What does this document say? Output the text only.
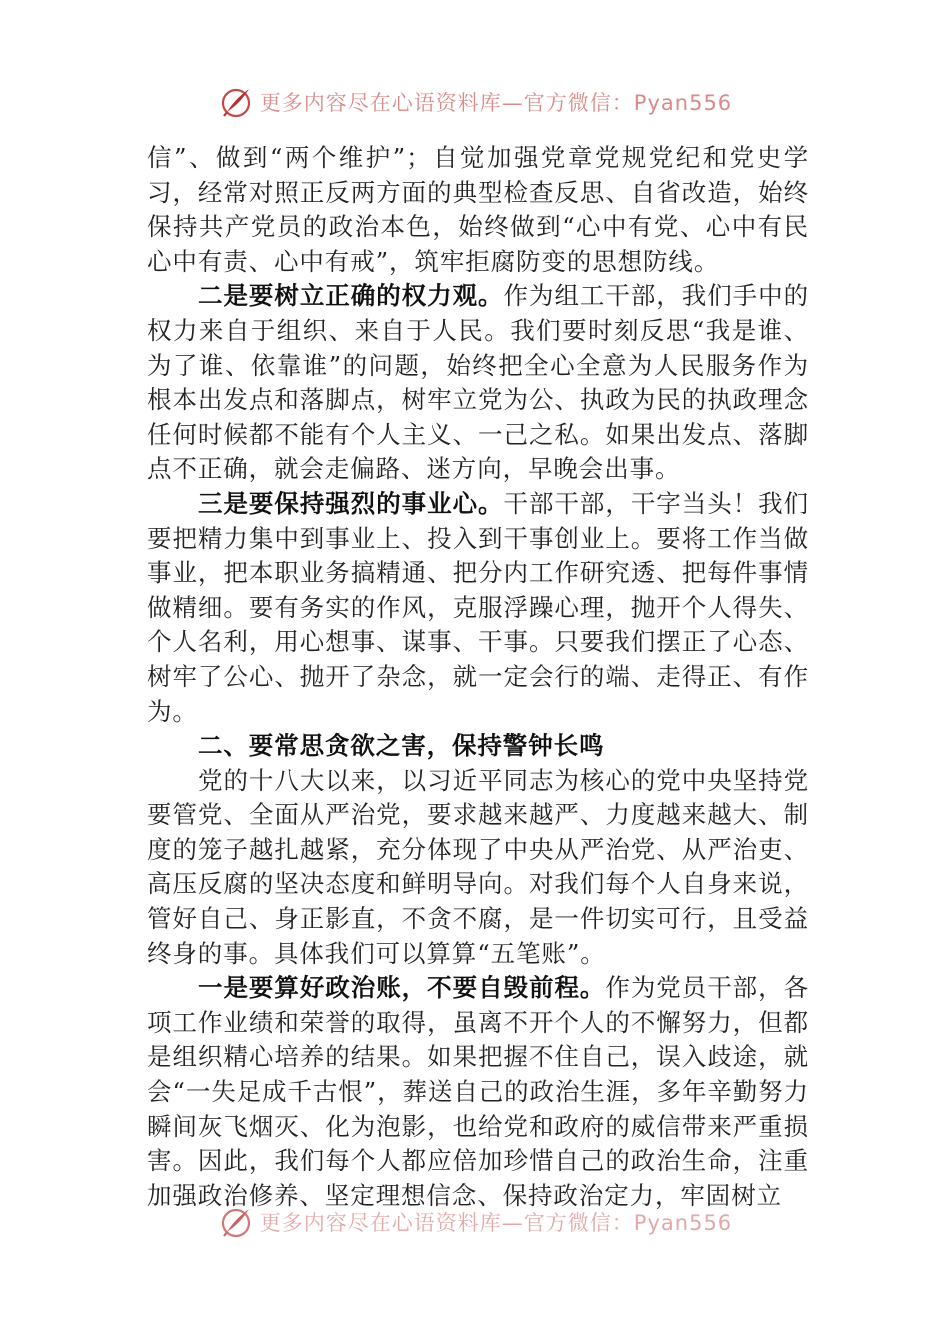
更多内容尽在心语资料库—官方微信：Pyan556

信”、做到“两个维护”；自觉加强党章党规党纪和党史学习，经常对照正反两方面的典型检查反思、自省改造，始终保持共产党员的政治本色，始终做到“心中有党、心中有民心中有责、心中有戒”，筑牢拒腐防变的思想防线。

二是要树立正确的权力观。作为组工干部，我们手中的权力来自于组织、来自于人民。我们要时刻反思“我是谁、为了谁、依靠谁”的问题，始终把全心全意为人民服务作为根本出发点和落脚点，树牢立党为公、执政为民的执政理念任何时候都不能有个人主义、一己之私。如果出发点、落脚点不正确，就会走偏路、迷方向，早晚会出事。

三是要保持强烈的事业心。干部干部，干字当头！我们要把精力集中到事业上、投入到干事创业上。要将工作当做事业，把本职业务搞精通、把分内工作研究透、把每件事情做精细。要有务实的作风，克服浮躁心理，抛开个人得失、个人名利，用心想事、谋事、干事。只要我们摆正了心态、树牢了公心、抛开了杂念，就一定会行的端、走得正、有作为。

二、要常思贪欲之害，保持警钟长鸣

党的十八大以来，以习近平同志为核心的党中央坚持党要管党、全面从严治党，要求越来越严、力度越来越大、制度的笼子越扎越紧，充分体现了中央从严治党、从严治吏、高压反腐的坚决态度和鲜明导向。对我们每个人自身来说，管好自己、身正影直，不贪不腐，是一件切实可行，且受益终身的事。具体我们可以算算“五笔账”。

一是要算好政治账，不要自毁前程。作为党员干部，各项工作业绩和荣誉的取得，虽离不开个人的不懈努力，但都是组织精心培养的结果。如果把握不住自己，误入歧途，就会“一失足成千古恨”，葬送自己的政治生涯，多年辛勤努力瞬间灰飞烟灭、化为泡影，也给党和政府的威信带来严重损害。因此，我们每个人都应倍加珍惜自己的政治生命，注重加强政治修养、坚定理想信念、保持政治定力，牢固树立

更多内容尽在心语资料库—官方微信：Pyan556
